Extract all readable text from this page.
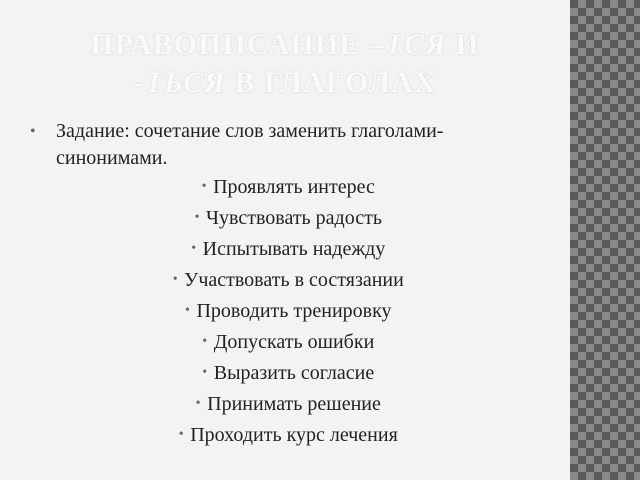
ПРАВОПИСАНИЕ –ТСЯ И
-ТЬСЯ В ГЛАГОЛАХ
•	Задание: сочетание слов заменить глаголами-синонимами.
• Проявлять интерес
• Чувствовать радость
• Испытывать надежду
• Участвовать в состязании
• Проводить тренировку
• Допускать ошибки
• Выразить согласие
• Принимать решение
• Проходить курс лечения
